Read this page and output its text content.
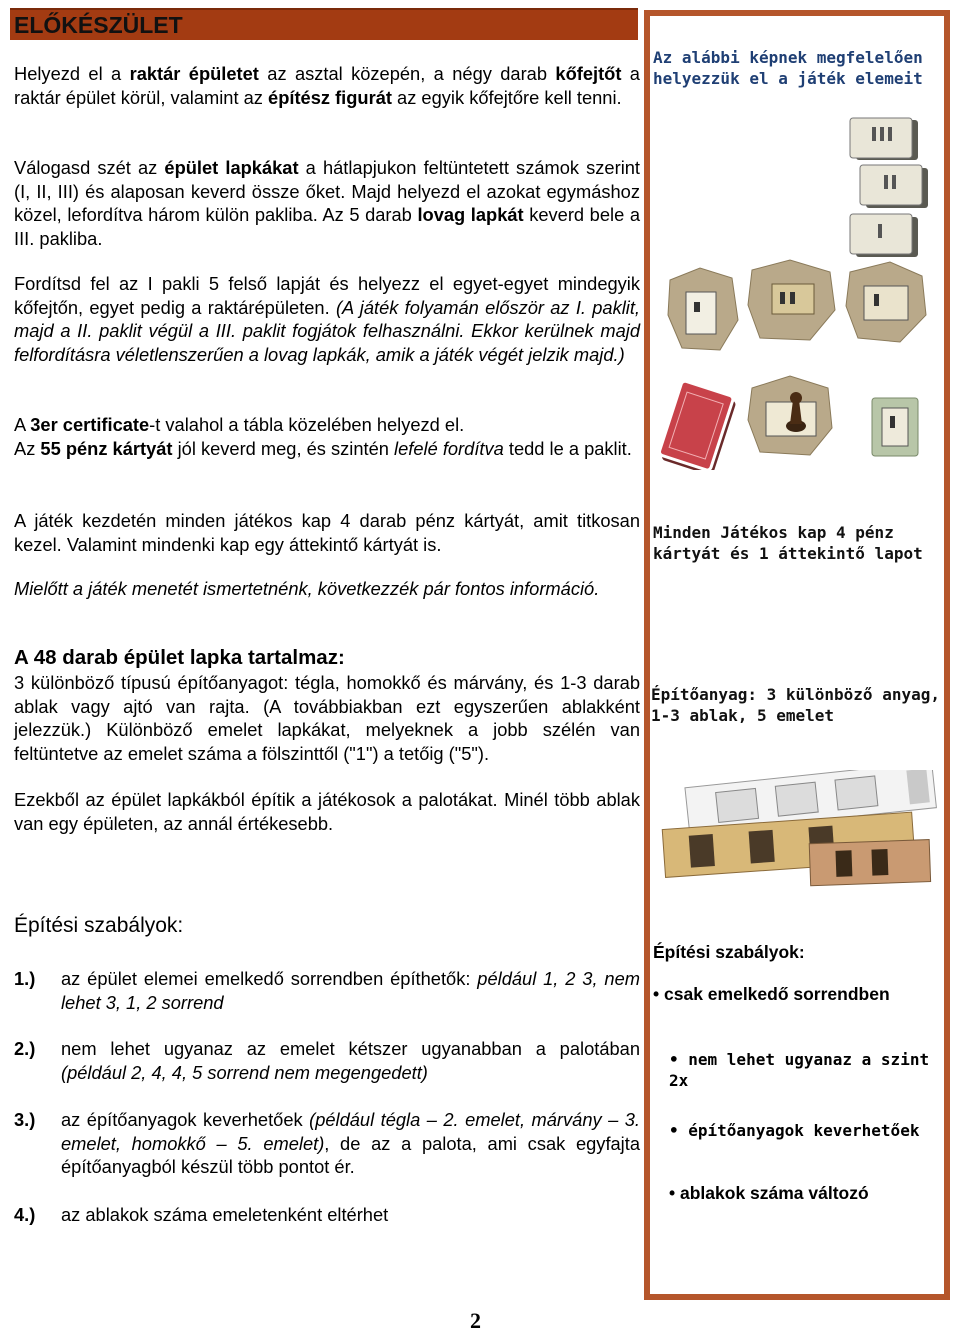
ELŐKÉSZÜLET

Helyezd el a raktár épületet az asztal közepén, a négy darab kőfejtőt a raktár épület körül, valamint az építész figurát az egyik kőfejtőre kell tenni.

Válogasd szét az épület lapkákat a hátlapjukon feltüntetett számok szerint (I, II, III) és alaposan keverd össze őket. Majd helyezd el azokat egymáshoz közel, lefordítva három külön pakliba. Az 5 darab lovag lapkát keverd bele a III. pakliba.

Fordítsd fel az I pakli 5 felső lapját és helyezz el egyet-egyet mindegyik kőfejtőn, egyet pedig a raktárépületen. (A játék folyamán először az I. paklit, majd a II. paklit végül a III. paklit fogjátok felhasználni. Ekkor kerülnek majd felfordításra véletlenszerűen a lovag lapkák, amik a játék végét jelzik majd.)

A 3er certificate-t valahol a tábla közelében helyezd el.
Az 55 pénz kártyát jól keverd meg, és szintén lefelé fordítva tedd le a paklit.

A játék kezdetén minden játékos kap 4 darab pénz kártyát, amit titkosan kezel. Valamint mindenki kap egy áttekintő kártyát is.

Mielőtt a játék menetét ismertetnénk, következzék pár fontos információ.

A 48 darab épület lapka tartalmaz:

3 különböző típusú építőanyagot: tégla, homokkő és márvány, és 1-3 darab ablak vagy ajtó van rajta. (A továbbiakban ezt egyszerűen ablakként jelezzük.) Különböző emelet lapkákat, melyeknek a jobb szélén van feltüntetve az emelet száma a fölszinttől ("1") a tetőig ("5").

Ezekből az épület lapkákból építik a játékosok a palotákat. Minél több ablak van egy épületen, az annál értékesebb.

Építési szabályok:
1.) az épület elemei emelkedő sorrendben építhetők: például 1, 2 3, nem lehet 3, 1, 2 sorrend
2.) nem lehet ugyanaz az emelet kétszer ugyanabban a palotában (például 2, 4, 4, 5 sorrend nem megengedett)
3.) az építőanyagok keverhetőek (például tégla – 2. emelet, márvány – 3. emelet, homokkő – 5. emelet), de az a palota, ami csak egyfajta építőanyagból készül több pontot ér.
4.) az ablakok száma emeletenként eltérhet
Az alábbi képnek megfelelően helyezzük el a játék elemeit
Minden Játékos kap 4 pénz kártyát és 1 áttekintő lapot
Építőanyag: 3 különböző anyag, 1-3 ablak, 5 emelet
Építési szabályok:
• csak emelkedő sorrendben
• nem lehet ugyanaz a szint 2x
• építőanyagok keverhetőek
• ablakok száma változó
2
